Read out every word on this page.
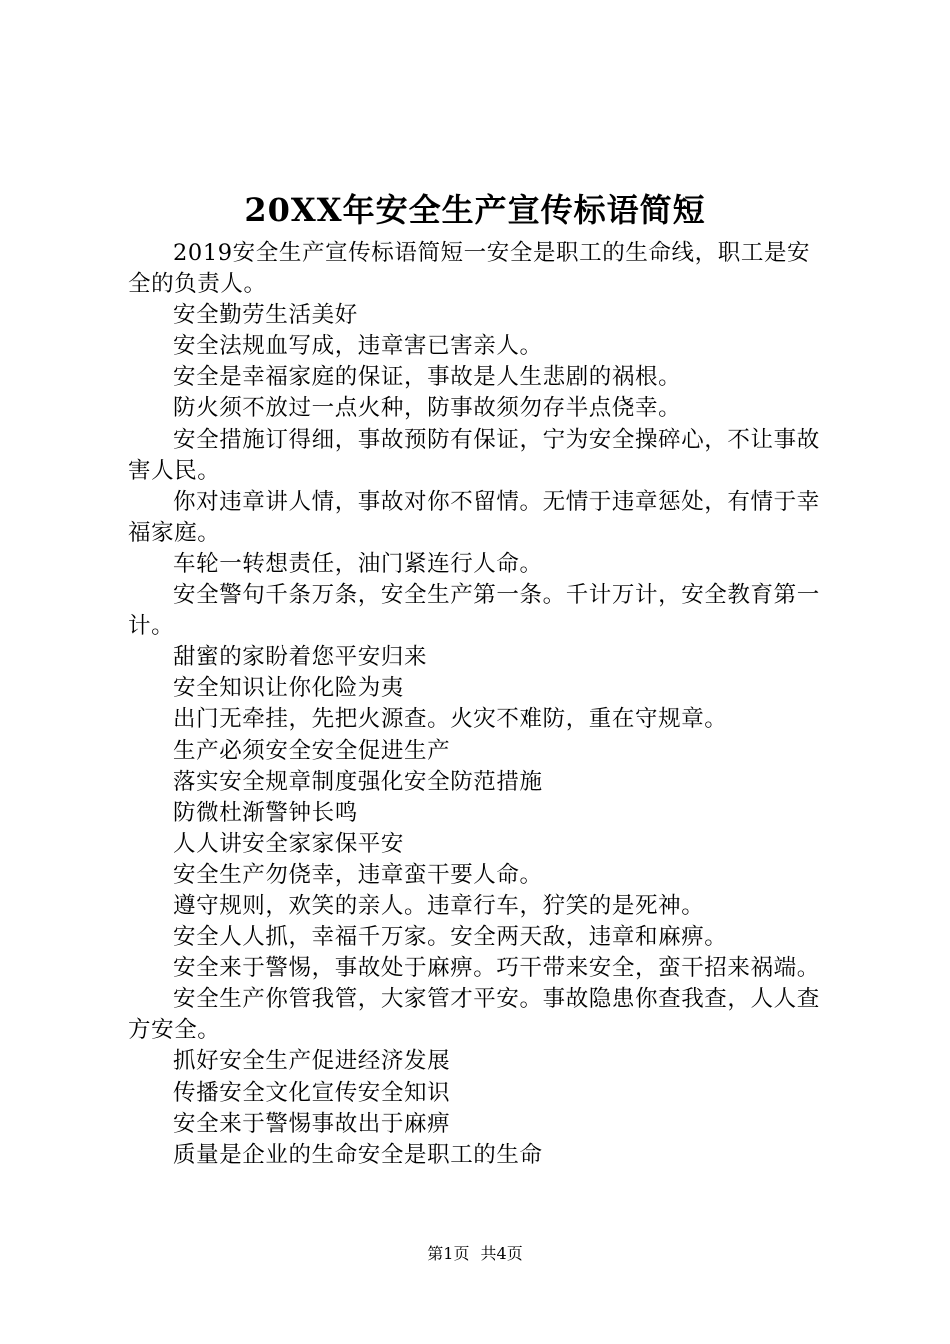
20XX年安全生产宣传标语简短

2019安全生产宣传标语简短一安全是职工的生命线，职工是安全的负责人。

安全勤劳生活美好

安全法规血写成，违章害已害亲人。

安全是幸福家庭的保证，事故是人生悲剧的祸根。

防火须不放过一点火种，防事故须勿存半点侥幸。

安全措施订得细，事故预防有保证，宁为安全操碎心，不让事故害人民。

你对违章讲人情，事故对你不留情。无情于违章惩处，有情于幸福家庭。

车轮一转想责任，油门紧连行人命。

安全警句千条万条，安全生产第一条。千计万计，安全教育第一计。

甜蜜的家盼着您平安归来

安全知识让你化险为夷

出门无牵挂，先把火源查。火灾不难防，重在守规章。

生产必须安全安全促进生产

落实安全规章制度强化安全防范措施

防微杜渐警钟长鸣

人人讲安全家家保平安

安全生产勿侥幸，违章蛮干要人命。

遵守规则，欢笑的亲人。违章行车，狞笑的是死神。

安全人人抓，幸福千万家。安全两天敌，违章和麻痹。

安全来于警惕，事故处于麻痹。巧干带来安全，蛮干招来祸端。

安全生产你管我管，大家管才平安。事故隐患你查我查，人人查方安全。

抓好安全生产促进经济发展

传播安全文化宣传安全知识

安全来于警惕事故出于麻痹

质量是企业的生命安全是职工的生命

第1页 共4页
